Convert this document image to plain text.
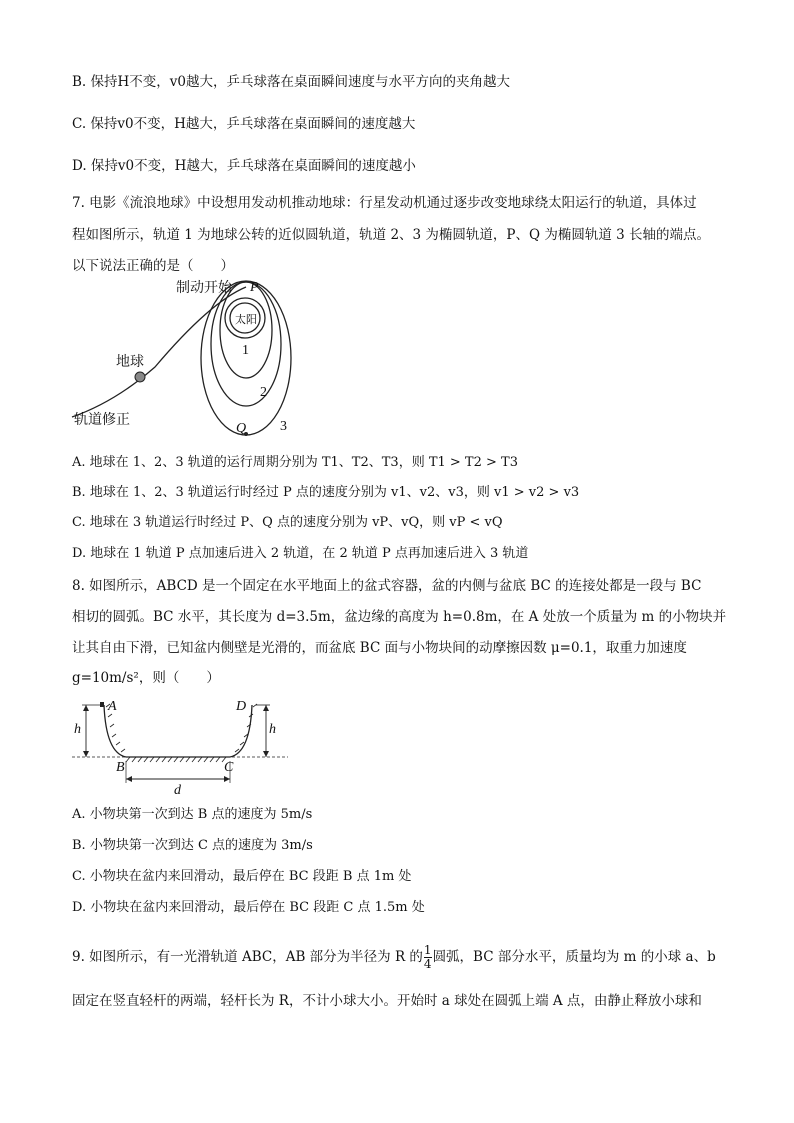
B. 保持H不变，v0越大，乒乓球落在桌面瞬间速度与水平方向的夹角越大
C. 保持v0不变，H越大，乒乓球落在桌面瞬间的速度越大
D. 保持v0不变，H越大，乒乓球落在桌面瞬间的速度越小
7. 电影《流浪地球》中设想用发动机推动地球：行星发动机通过逐步改变地球绕太阳运行的轨道，具体过
程如图所示，轨道 1 为地球公转的近似圆轨道，轨道 2、3 为椭圆轨道，P、Q 为椭圆轨道 3 长轴的端点。
以下说法正确的是（　　）
制动开始 P
太阳
1
2
3
Q
地球
轨道修正
A. 地球在 1、2、3 轨道的运行周期分别为 T1、T2、T3，则 T1 > T2 > T3
B. 地球在 1、2、3 轨道运行时经过 P 点的速度分别为 v1、v2、v3，则 v1 > v2 > v3
C. 地球在 3 轨道运行时经过 P、Q 点的速度分别为 vP、vQ，则 vP < vQ
D. 地球在 1 轨道 P 点加速后进入 2 轨道，在 2 轨道 P 点再加速后进入 3 轨道
8. 如图所示，ABCD 是一个固定在水平地面上的盆式容器，盆的内侧与盆底 BC 的连接处都是一段与 BC
相切的圆弧。BC 水平，其长度为 d=3.5m，盆边缘的高度为 h=0.8m，在 A 处放一个质量为 m 的小物块并
让其自由下滑，已知盆内侧壁是光滑的，而盆底 BC 面与小物块间的动摩擦因数 μ=0.1，取重力加速度
g=10m/s²，则（　　）
A	D
h	h
B	C
d
A. 小物块第一次到达 B 点的速度为 5m/s
B. 小物块第一次到达 C 点的速度为 3m/s
C. 小物块在盆内来回滑动，最后停在 BC 段距 B 点 1m 处
D. 小物块在盆内来回滑动，最后停在 BC 段距 C 点 1.5m 处
9. 如图所示，有一光滑轨道 ABC，AB 部分为半径为 R 的 $\frac{1}{4}$ 圆弧，BC 部分水平，质量均为 m 的小球 a、b
固定在竖直轻杆的两端，轻杆长为 R，不计小球大小。开始时 a 球处在圆弧上端 A 点，由静止释放小球和
